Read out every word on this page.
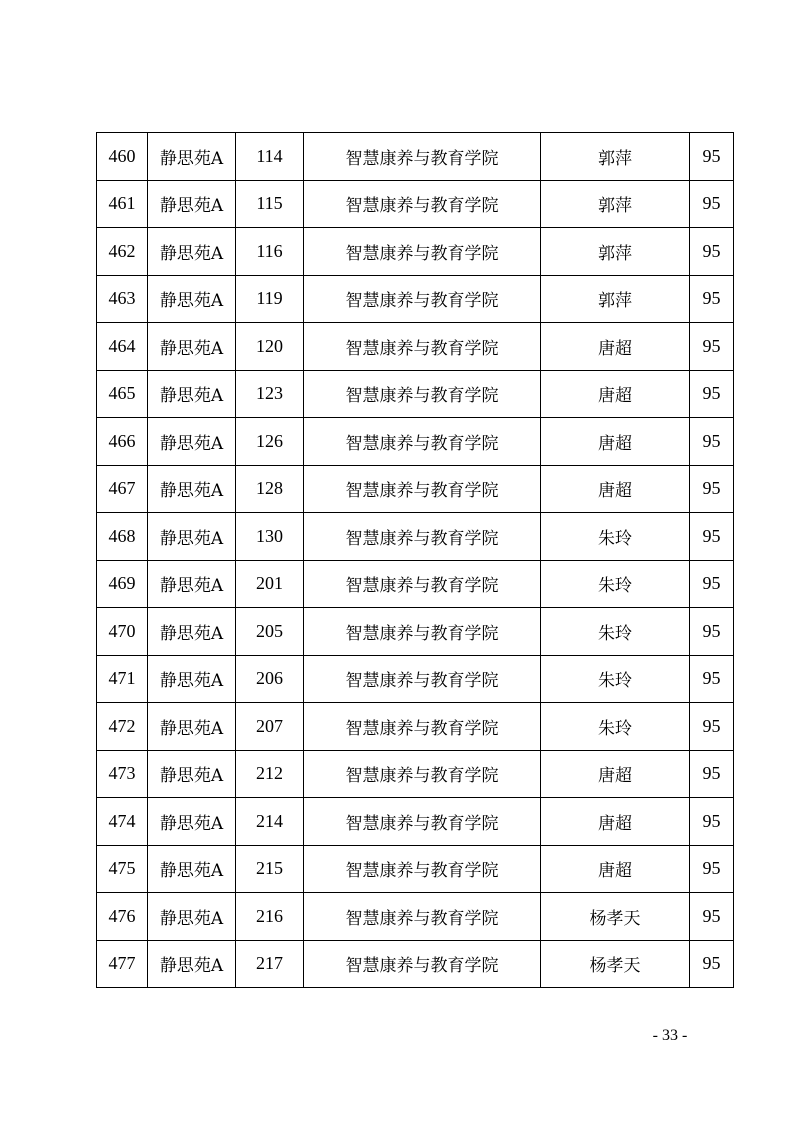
460	静思苑A	114	智慧康养与教育学院	郭萍	95
461	静思苑A	115	智慧康养与教育学院	郭萍	95
462	静思苑A	116	智慧康养与教育学院	郭萍	95
463	静思苑A	119	智慧康养与教育学院	郭萍	95
464	静思苑A	120	智慧康养与教育学院	唐超	95
465	静思苑A	123	智慧康养与教育学院	唐超	95
466	静思苑A	126	智慧康养与教育学院	唐超	95
467	静思苑A	128	智慧康养与教育学院	唐超	95
468	静思苑A	130	智慧康养与教育学院	朱玲	95
469	静思苑A	201	智慧康养与教育学院	朱玲	95
470	静思苑A	205	智慧康养与教育学院	朱玲	95
471	静思苑A	206	智慧康养与教育学院	朱玲	95
472	静思苑A	207	智慧康养与教育学院	朱玲	95
473	静思苑A	212	智慧康养与教育学院	唐超	95
474	静思苑A	214	智慧康养与教育学院	唐超	95
475	静思苑A	215	智慧康养与教育学院	唐超	95
476	静思苑A	216	智慧康养与教育学院	杨孝天	95
477	静思苑A	217	智慧康养与教育学院	杨孝天	95
- 33 -
